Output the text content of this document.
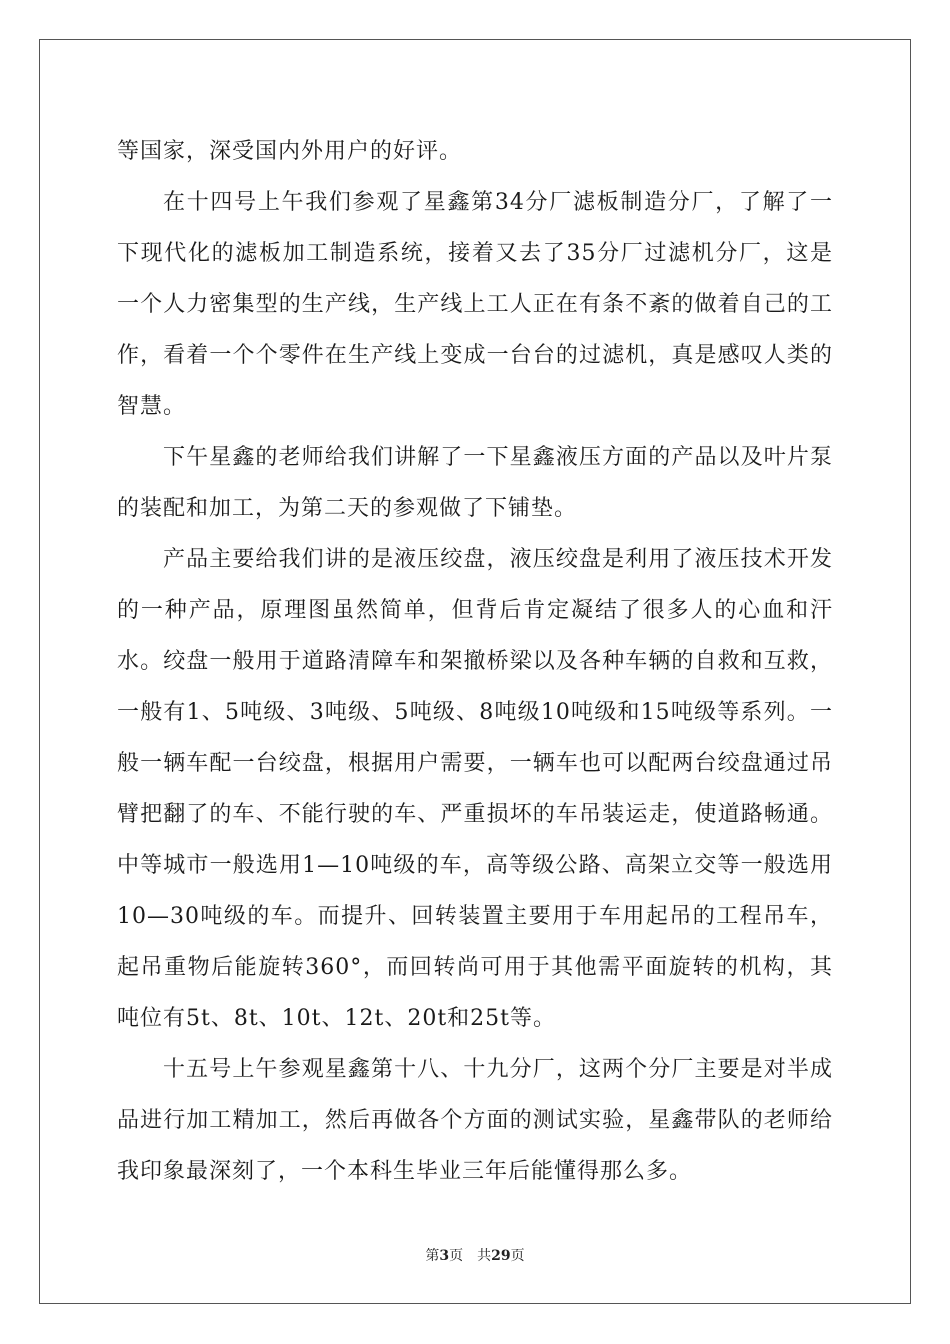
等国家，深受国内外用户的好评。

在十四号上午我们参观了星鑫第34分厂滤板制造分厂，了解了一下现代化的滤板加工制造系统，接着又去了35分厂过滤机分厂，这是一个人力密集型的生产线，生产线上工人正在有条不紊的做着自己的工作，看着一个个零件在生产线上变成一台台的过滤机，真是感叹人类的智慧。

下午星鑫的老师给我们讲解了一下星鑫液压方面的产品以及叶片泵的装配和加工，为第二天的参观做了下铺垫。

产品主要给我们讲的是液压绞盘，液压绞盘是利用了液压技术开发的一种产品，原理图虽然简单，但背后肯定凝结了很多人的心血和汗水。绞盘一般用于道路清障车和架撤桥梁以及各种车辆的自救和互救，一般有1、5吨级、3吨级、5吨级、8吨级10吨级和15吨级等系列。一般一辆车配一台绞盘，根据用户需要，一辆车也可以配两台绞盘通过吊臂把翻了的车、不能行驶的车、严重损坏的车吊装运走，使道路畅通。中等城市一般选用1—10吨级的车，高等级公路、高架立交等一般选用10—30吨级的车。而提升、回转装置主要用于车用起吊的工程吊车，起吊重物后能旋转360°，而回转尚可用于其他需平面旋转的机构，其吨位有5t、8t、10t、12t、20t和25t等。

十五号上午参观星鑫第十八、十九分厂，这两个分厂主要是对半成品进行加工精加工，然后再做各个方面的测试实验，星鑫带队的老师给我印象最深刻了，一个本科生毕业三年后能懂得那么多。

第3页 共29页
